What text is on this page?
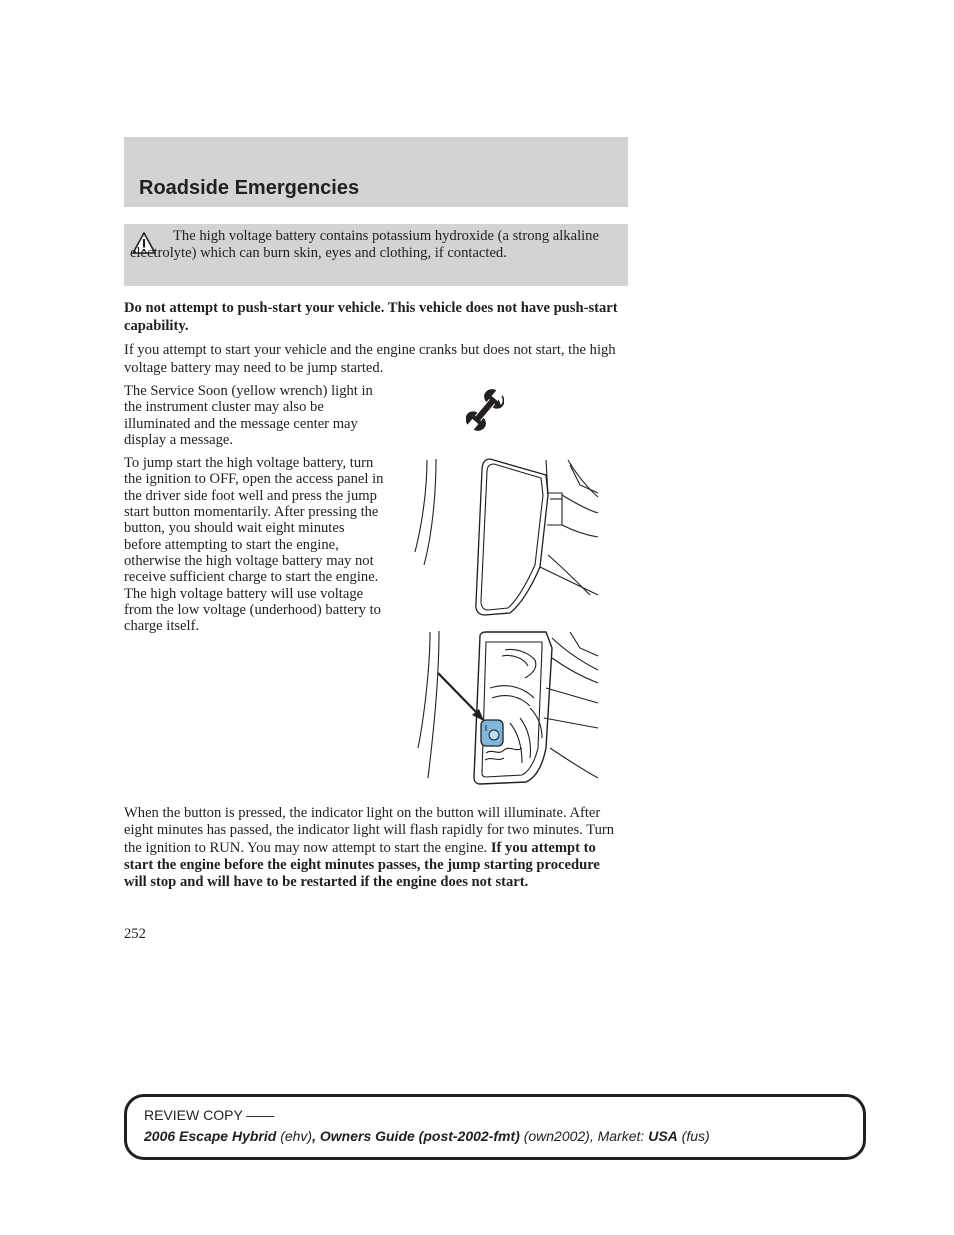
Roadside Emergencies
The high voltage battery contains potassium hydroxide (a strong alkaline electrolyte) which can burn skin, eyes and clothing, if contacted.

Do not attempt to push-start your vehicle. This vehicle does not have push-start capability.

If you attempt to start your vehicle and the engine cranks but does not start, the high voltage battery may need to be jump started.

The Service Soon (yellow wrench) light in the instrument cluster may also be illuminated and the message center may display a message.

To jump start the high voltage battery, turn the ignition to OFF, open the access panel in the driver side foot well and press the jump start button momentarily. After pressing the button, you should wait eight minutes before attempting to start the engine, otherwise the high voltage battery may not receive sufficient charge to start the engine. The high voltage battery will use voltage from the low voltage (underhood) battery to charge itself.

When the button is pressed, the indicator light on the button will illuminate. After eight minutes has passed, the indicator light will flash rapidly for two minutes. Turn the ignition to RUN. You may now attempt to start the engine. If you attempt to start the engine before the eight minutes passes, the jump starting procedure will stop and will have to be restarted if the engine does not start.

252

REVIEW COPY ——
2006 Escape Hybrid (ehv), Owners Guide (post-2002-fmt) (own2002), Market: USA (fus)
